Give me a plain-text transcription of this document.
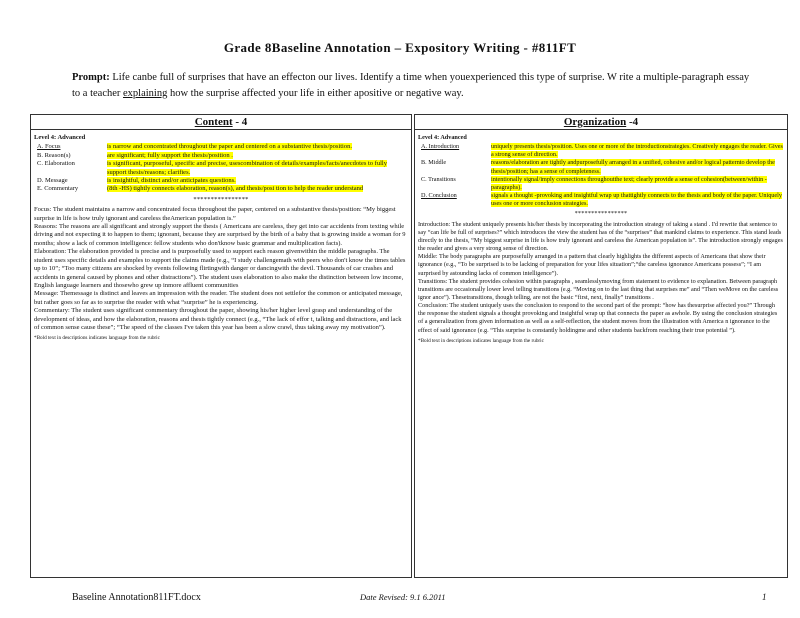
Grade 8Baseline Annotation – Expository Writing - #811FT
Prompt: Life canbe full of surprises that have an effecton our lives. Identify a time when youexperienced this type of surprise. W rite a multiple-paragraph essay to a teacher explaining how the surprise affected your life in either apositive or negative way.
Content - 4
Level 4: Advanced
A. Focus	is narrow and concentrated throughout the paper and centered on a substantive thesis/position.
B. Reason(s)	are significant; fully support the thesis/position .
C. Elaboration	is significant, purposeful, specific and precise, usescombination of details/examples/facts/anecdotes to fully support thesis/reasons; clarifies.
D. Message	is insightful, distinct and/or anticipates questions.
E. Commentary	(8th -HS) tightly connects elaboration, reason(s), and thesis/posi tion to help the reader understand
****************

Focus: The student maintains a narrow and concentrated focus throughout the paper, centered on a substantive thesis/position: “My biggest surprise in life is how truly ignorant and careless theAmerican population is.”

Reasons: The reasons are all significant and strongly support the thesis ( Americans are careless, they get into car accidents from texting while driving and not expecting it to happen to them; ignorant, because they are surprised by the birth of a baby that is growing inside a woman for 9 months; show a lack of common intelligence: fellow students who don'tknow basic grammar and multiplication facts).

Elaboration: The elaboration provided is precise and is purposefully used to support each reason givenwithin the middle paragraphs. The student uses specific details and examples to support the claims made (e.g., “I study challengemath with peers who don't know the times tables up to 10”; “Too many citizens are shocked by events following flirtingwith danger or dancingwith the devil. Thousands of car crashes and accidents in general caused by phones and other distractions”). The student uses elaboration to also make the distinction between low income, English language learners and thosewho grew up inmore affluent communities

Message: Themessage is distinct and leaves an impression with the reader. The student does not settlefor the common or anticipated message, but rather goes so far as to surprise the reader with what “surprise” he is experiencing.

Commentary: The student uses significant commentary throughout the paper, showing his/her higher level grasp and understanding of the development of ideas, and how the elaboration, reasons and thesis tightly connect (e.g., “The lack of effor t, talking and distractions, and lack of common sense cause these”; “The speed of the classes I've taken this year has been a slow crawl, thus taking away my motivation”).

*Bold text in descriptions indicates language from the rubric
Organization -4
Level 4: Advanced
A. Introduction	uniquely presents thesis/position. Uses one or more of the introductionstrategies. Creatively engages the reader. Gives a strong sense of direction.
B. Middle	reasons/elaboration are tightly andpurposefully arranged in a unified, cohesive and/or logical patternto develop the thesis/position; has a sense of completeness.
C. Transitions	intentionally signal/imply connections throughoutthe text; clearly provide a sense of cohesion(between/within - paragraphs).
D. Conclusion	signals a thought -provoking and insightful wrap up thattightly connects to the thesis and body of the paper. Uniquely uses one or more conclusion strategies.
****************

Introduction: The student uniquely presents his/her thesis by incorporating the introduction strategy of taking a stand . I'd rewrite that sentence to say “can life be full of surprises?” which introduces the view the student has of the “surprises” that mankind claims to experience. This stand leads directly to the thesis, “My biggest surprise in life is how truly ignorant and careless the American population is”. The introduction strongly engages the reader and gives a very strong sense of direction.

Middle: The body paragraphs are purposefully arranged in a pattern that clearly highlights the different aspects of Americans that show their ignorance (e.g., “To be surprised is to be lacking of preparation for your lifes situation”;“the careless ignorance Americans possess”; “I am surprised by astounding lacks of common intelligence”).

Transitions: The student provides cohesion within paragraphs , seamlesslymoving from statement to evidence to explanation. Between paragraph transitions are occasionally lower level telling transitions (e.g. “Moving on to the last thing that surprises me” and “Then weMove on the careless ignor ance”). Thesetransitions, though telling, are not the basic “first, next, finally” transitions .

Conclusion: The student uniquely uses the conclusion to respond to the second part of the prompt: “how has thesurprise affected you?” Through the response the student signals a thought provoking and insightful wrap up that connects the paper as awhole. By using the conclusion strategies of a generalization from given information as well as a self-reflection, the student moves from the illustration with America n ignorance to the effect of said ignorance (e.g. “This surprise is constantly holdingme and other students backfrom reaching their true potential ”).

*Bold text in descriptions indicates language from the rubric
Baseline Annotation811FT.docx	Date Revised: 9.1 6.2011	1
